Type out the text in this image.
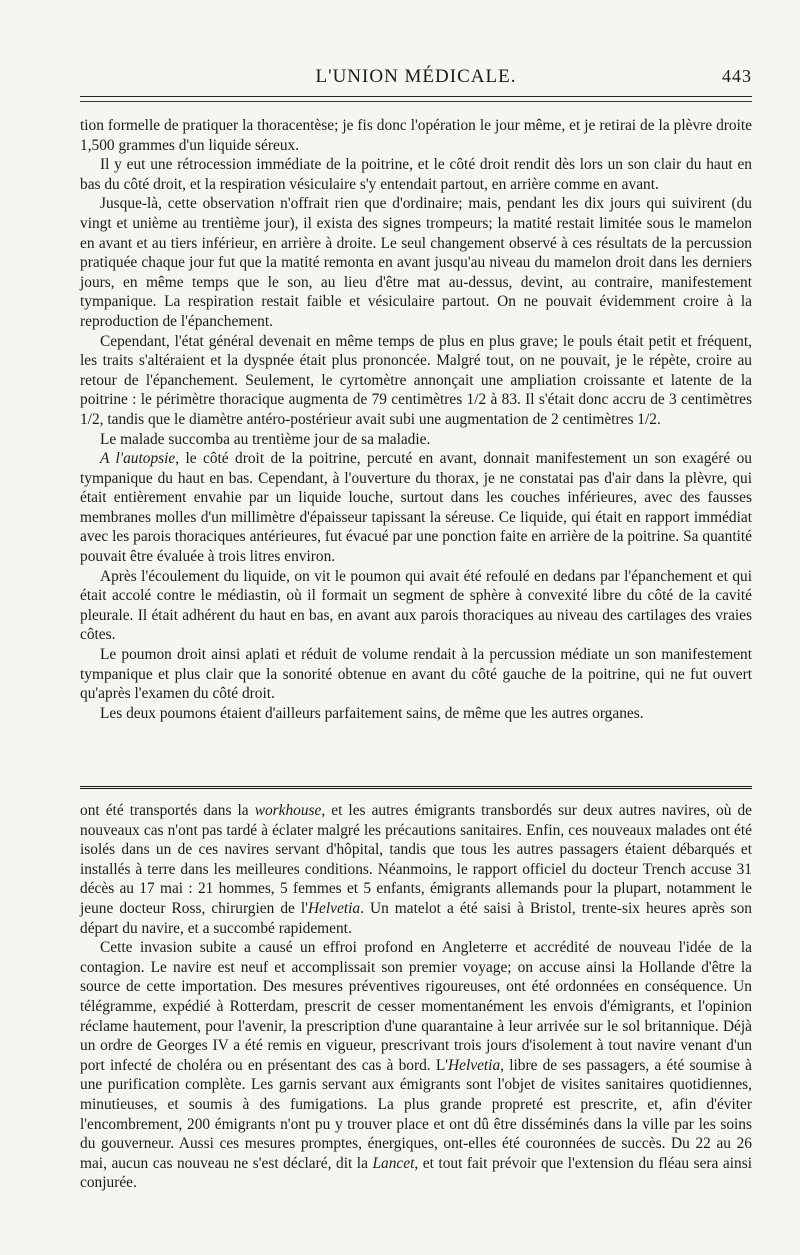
L'UNION MÉDICALE.	443

tion formelle de pratiquer la thoracentèse; je fis donc l'opération le jour même, et je retirai de la plèvre droite 1,500 grammes d'un liquide séreux.

Il y eut une rétrocession immédiate de la poitrine, et le côté droit rendit dès lors un son clair du haut en bas du côté droit, et la respiration vésiculaire s'y entendait partout, en arrière comme en avant.

Jusque-là, cette observation n'offrait rien que d'ordinaire; mais, pendant les dix jours qui suivirent (du vingt et unième au trentième jour), il exista des signes trompeurs; la matité restait limitée sous le mamelon en avant et au tiers inférieur, en arrière à droite. Le seul changement observé à ces résultats de la percussion pratiquée chaque jour fut que la matité remonta en avant jusqu'au niveau du mamelon droit dans les derniers jours, en même temps que le son, au lieu d'être mat au-dessus, devint, au contraire, manifestement tympanique. La respiration restait faible et vésiculaire partout. On ne pouvait évidemment croire à la reproduction de l'épanchement.

Cependant, l'état général devenait en même temps de plus en plus grave; le pouls était petit et fréquent, les traits s'altéraient et la dyspnée était plus prononcée. Malgré tout, on ne pouvait, je le répète, croire au retour de l'épanchement. Seulement, le cyrtomètre annonçait une ampliation croissante et latente de la poitrine : le périmètre thoracique augmenta de 79 centimètres 1/2 à 83. Il s'était donc accru de 3 centimètres 1/2, tandis que le diamètre antéro-postérieur avait subi une augmentation de 2 centimètres 1/2.

Le malade succomba au trentième jour de sa maladie.

A l'autopsie, le côté droit de la poitrine, percuté en avant, donnait manifestement un son exagéré ou tympanique du haut en bas. Cependant, à l'ouverture du thorax, je ne constatai pas d'air dans la plèvre, qui était entièrement envahie par un liquide louche, surtout dans les couches inférieures, avec des fausses membranes molles d'un millimètre d'épaisseur tapissant la séreuse. Ce liquide, qui était en rapport immédiat avec les parois thoraciques antérieures, fut évacué par une ponction faite en arrière de la poitrine. Sa quantité pouvait être évaluée à trois litres environ.

Après l'écoulement du liquide, on vit le poumon qui avait été refoulé en dedans par l'épanchement et qui était accolé contre le médiastin, où il formait un segment de sphère à convexité libre du côté de la cavité pleurale. Il était adhérent du haut en bas, en avant aux parois thoraciques au niveau des cartilages des vraies côtes.

Le poumon droit ainsi aplati et réduit de volume rendait à la percussion médiate un son manifestement tympanique et plus clair que la sonorité obtenue en avant du côté gauche de la poitrine, qui ne fut ouvert qu'après l'examen du côté droit.

Les deux poumons étaient d'ailleurs parfaitement sains, de même que les autres organes.

ont été transportés dans la workhouse, et les autres émigrants transbordés sur deux autres navires, où de nouveaux cas n'ont pas tardé à éclater malgré les précautions sanitaires. Enfin, ces nouveaux malades ont été isolés dans un de ces navires servant d'hôpital, tandis que tous les autres passagers étaient débarqués et installés à terre dans les meilleures conditions. Néanmoins, le rapport officiel du docteur Trench accuse 31 décès au 17 mai : 21 hommes, 5 femmes et 5 enfants, émigrants allemands pour la plupart, notamment le jeune docteur Ross, chirurgien de l'Helvetia. Un matelot a été saisi à Bristol, trente-six heures après son départ du navire, et a succombé rapidement.

Cette invasion subite a causé un effroi profond en Angleterre et accrédité de nouveau l'idée de la contagion. Le navire est neuf et accomplissait son premier voyage; on accuse ainsi la Hollande d'être la source de cette importation. Des mesures préventives rigoureuses, ont été ordonnées en conséquence. Un télégramme, expédié à Rotterdam, prescrit de cesser momentanément les envois d'émigrants, et l'opinion réclame hautement, pour l'avenir, la prescription d'une quarantaine à leur arrivée sur le sol britannique. Déjà un ordre de Georges IV a été remis en vigueur, prescrivant trois jours d'isolement à tout navire venant d'un port infecté de choléra ou en présentant des cas à bord. L'Helvetia, libre de ses passagers, a été soumise à une purification complète. Les garnis servant aux émigrants sont l'objet de visites sanitaires quotidiennes, minutieuses, et soumis à des fumigations. La plus grande propreté est prescrite, et, afin d'éviter l'encombrement, 200 émigrants n'ont pu y trouver place et ont dû être disséminés dans la ville par les soins du gouverneur. Aussi ces mesures promptes, énergiques, ont-elles été couronnées de succès. Du 22 au 26 mai, aucun cas nouveau ne s'est déclaré, dit la Lancet, et tout fait prévoir que l'extension du fléau sera ainsi conjurée.
